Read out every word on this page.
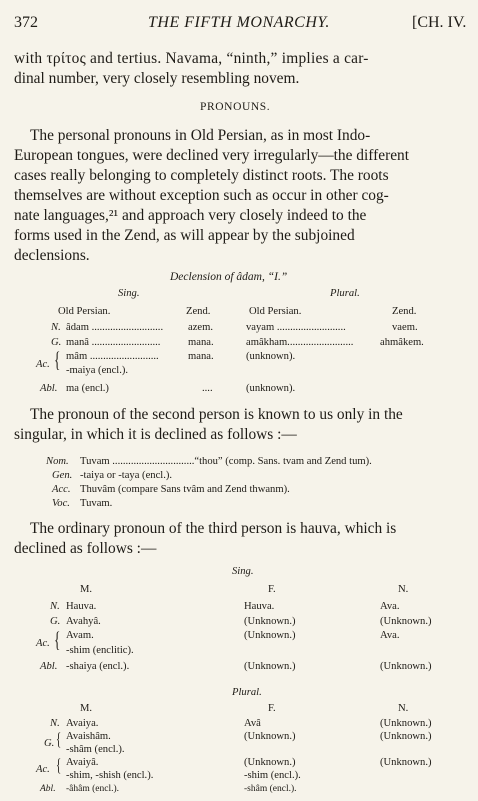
372	THE FIFTH MONARCHY.	[CH. IV.
with τρίτος and tertius. Navama, “ninth,” implies a car-
dinal number, very closely resembling novem.
PRONOUNS.
The personal pronouns in Old Persian, as in most Indo-
European tongues, were declined very irregularly—the different
cases really belonging to completely distinct roots. The roots
themselves are without exception such as occur in other cog-
nate languages,²¹ and approach very closely indeed to the
forms used in the Zend, as will appear by the subjoined
declensions.
Declension of âdam, “I.”
Sing.	Plural.
Old Persian.	Zend.	Old Persian.	Zend.
N. âdam ........................... azem.	vayam ..........................	vaem.
G. manâ ..........................	mana.	amâkham.........................	ahmâkem.
Ac. { mâm ..........................	mana.	(unknown).
-maiya (encl.).
Abl. ma (encl.)	....	(unknown).
The pronoun of the second person is known to us only in the
singular, in which it is declined as follows :—
Nom. Tuvam ...............................“thou” (comp. Sans. tvam and Zend tum).
Gen. -taiya or -taya (encl.).
Acc. Thuvâm (compare Sans tvâm and Zend thwanm).
Voc. Tuvam.
The ordinary pronoun of the third person is hauva, which is
declined as follows :—
Sing.
M.	F.	N.
N. Hauva.	Hauva.	Ava.
G. Avahyâ.	(Unknown.)	(Unknown.)
Ac. { Avam.	(Unknown.)	Ava.
-shim (enclitic).
Abl. -shaiya (encl.).	(Unknown.)	(Unknown.)
Plural.
M.	F.	N.
N. Avaiya.	Avâ	(Unknown.)
G. { Avaishâm.	(Unknown.)	(Unknown.)
-shâm (encl.).
Ac. { Avaiyâ.	(Unknown.)	(Unknown.)
-shim, -shish (encl.).	-shim (encl.).
Abl. -âhâm (encl.).	-shâm (encl.).
